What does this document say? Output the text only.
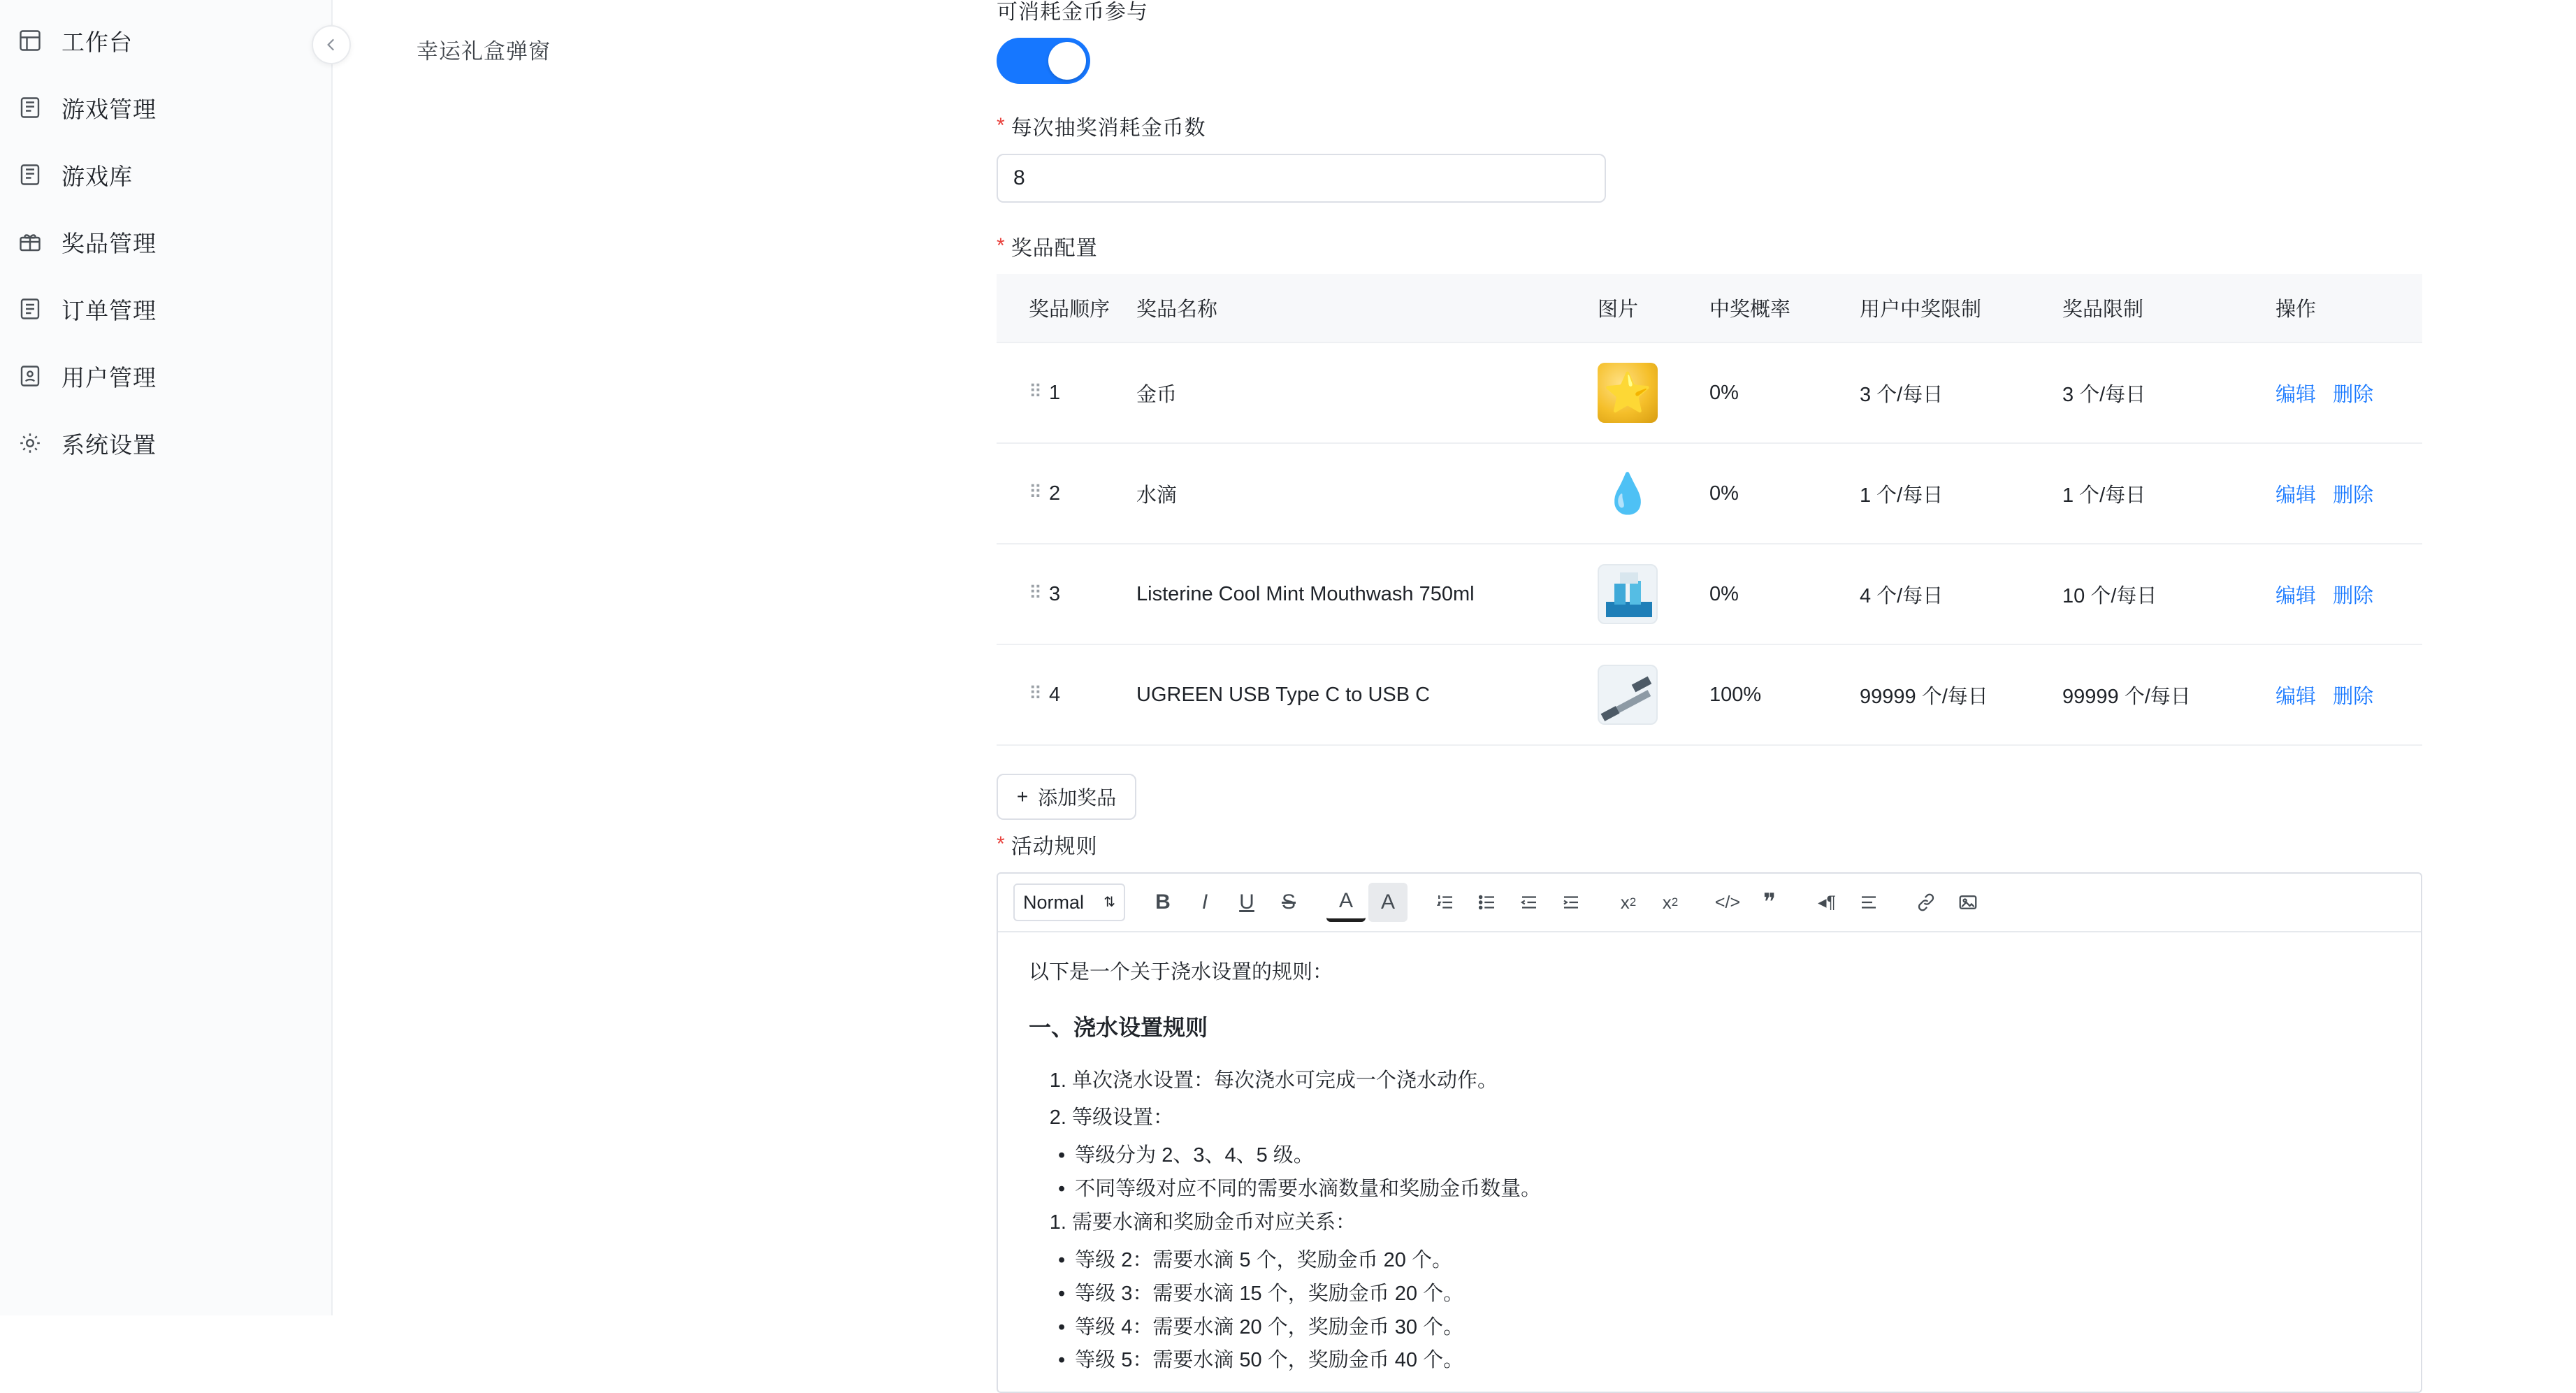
工作台
游戏管理
游戏库
奖品管理
订单管理
用户管理
系统设置
幸运礼盒弹窗
可消耗金币参与
* 每次抽奖消耗金币数
8
* 奖品配置
奖品顺序	奖品名称	图片	中奖概率	用户中奖限制	奖品限制	操作
⠿ 1	金币	⭐	0%	3 个/每日	3 个/每日	编辑 删除
⠿ 2	水滴	💧	0%	1 个/每日	1 个/每日	编辑 删除
⠿ 3	Listerine Cool Mint Mouthwash 750ml		0%	4 个/每日	10 个/每日	编辑 删除
⠿ 4	UGREEN USB Type C to USB C		100%	99999 个/每日	99999 个/每日	编辑 删除
+ 添加奖品
* 活动规则
Normal ⇅	B	I	U	S	A	A	x 2	x 2	</> ❞	◂¶

以下是一个关于浇水设置的规则：

一、浇水设置规则
1. 单次浇水设置：每次浇水可完成一个浇水动作。
2. 等级设置：
• 等级分为 2、3、4、5 级。
• 不同等级对应不同的需要水滴数量和奖励金币数量。
1. 需要水滴和奖励金币对应关系：
• 等级 2：需要水滴 5 个，奖励金币 20 个。
• 等级 3：需要水滴 15 个，奖励金币 20 个。
• 等级 4：需要水滴 20 个，奖励金币 30 个。
• 等级 5：需要水滴 50 个，奖励金币 40 个。
